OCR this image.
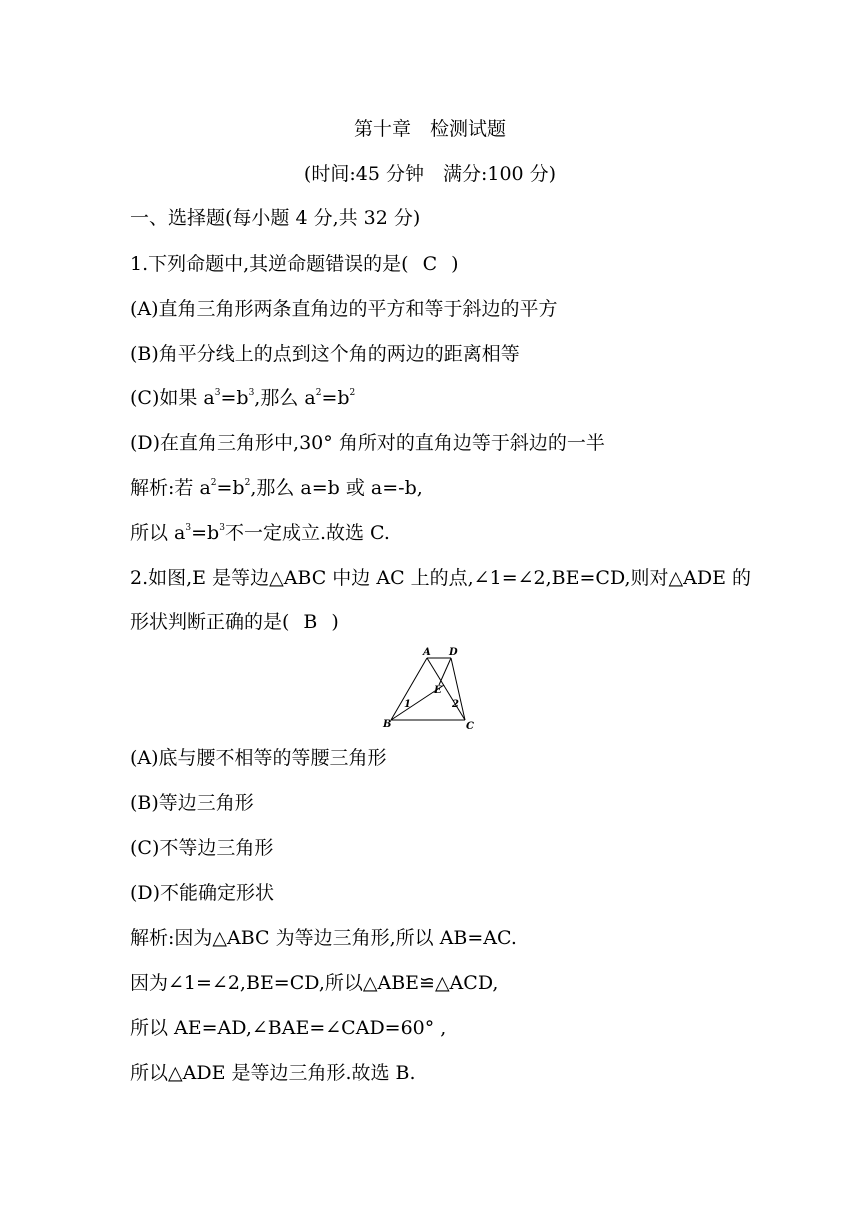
第十章　检测试题
(时间:45 分钟　满分:100 分)
一、选择题(每小题 4 分,共 32 分)
1.下列命题中,其逆命题错误的是( C )
(A)直角三角形两条直角边的平方和等于斜边的平方
(B)角平分线上的点到这个角的两边的距离相等
(C)如果 $a^3=b^3$,那么 $a^2=b^2$
(D)在直角三角形中,30° 角所对的直角边等于斜边的一半
解析:若 $a^2=b^2$,那么 a=b 或 a=-b,
所以 $a^3=b^3$不一定成立.故选 C.
2.如图,E 是等边△ABC 中边 AC 上的点,∠1=∠2,BE=CD,则对△ADE 的
形状判断正确的是( B )
A D
E
B	C
1	2
(A)底与腰不相等的等腰三角形
(B)等边三角形
(C)不等边三角形
(D)不能确定形状
解析:因为△ABC 为等边三角形,所以 AB=AC.
因为∠1=∠2,BE=CD,所以△ABE≌△ACD,
所以 AE=AD,∠BAE=∠CAD=60° ,
所以△ADE 是等边三角形.故选 B.
